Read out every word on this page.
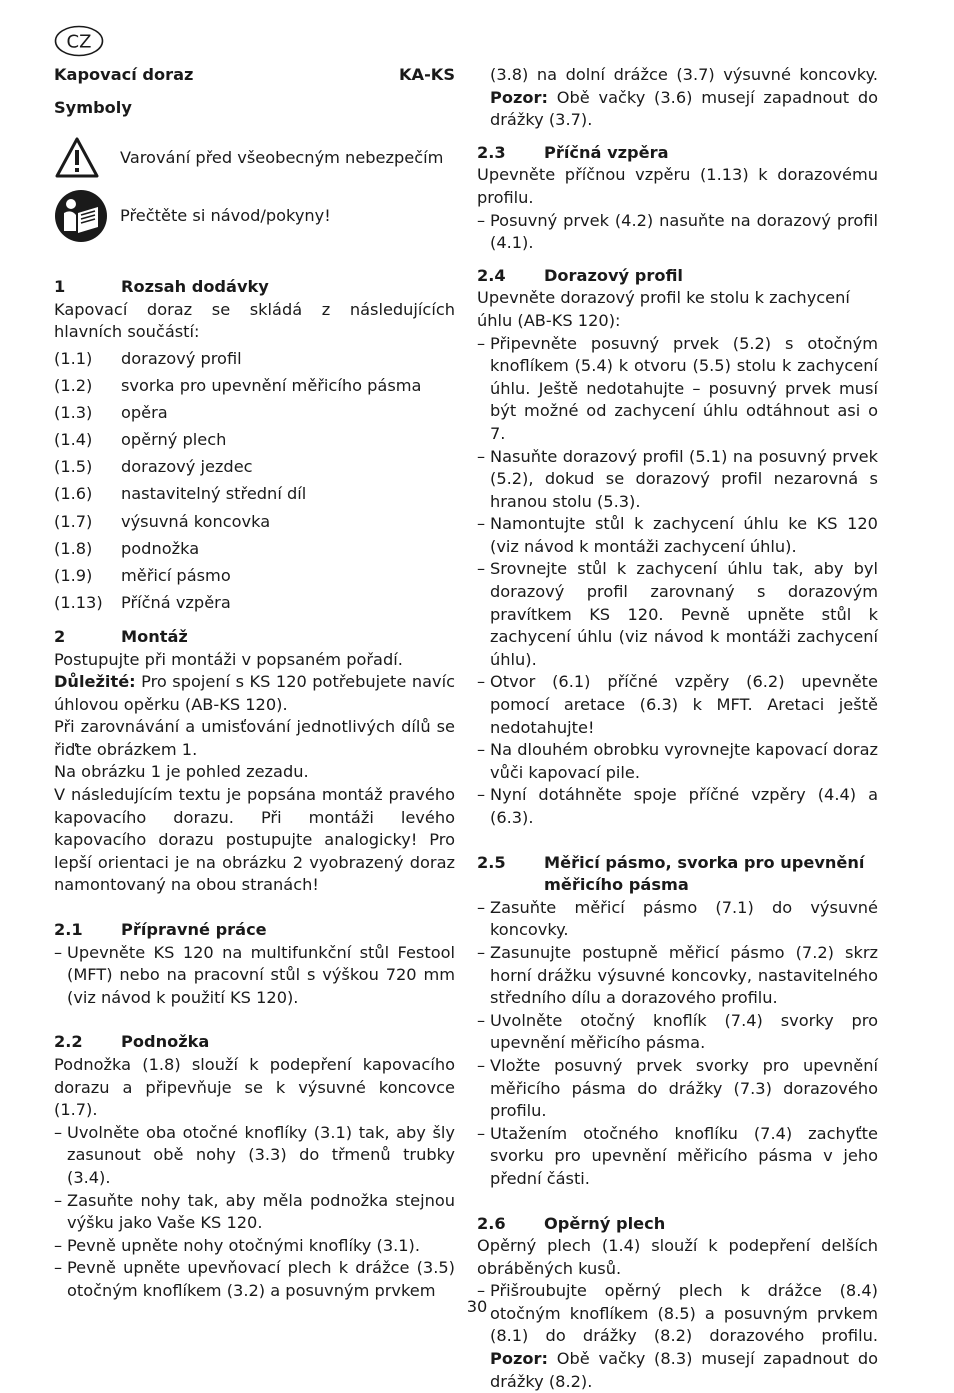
CZ
Kapovací doraz	KA-KS

Symboly

Varování před všeobecným nebezpečím
Přečtěte si návod/pokyny!
1	Rozsah dodávky

Kapovací doraz se skládá z následujících hlavních součástí:

(1.1)	dorazový profil
(1.2)	svorka pro upevnění měřicího pásma
(1.3)	opěra
(1.4)	opěrný plech
(1.5)	dorazový jezdec
(1.6)	nastavitelný střední díl
(1.7)	výsuvná koncovka
(1.8)	podnožka
(1.9)	měřicí pásmo
(1.13)	Příčná vzpěra
2	Montáž

Postupujte při montáži v popsaném pořadí.

Důležité: Pro spojení s KS 120 potřebujete navíc úhlovou opěrku (AB-KS 120).

Při zarovnávání a umisťování jednotlivých dílů se řiďte obrázkem 1.

Na obrázku 1 je pohled zezadu.

V následujícím textu je popsána montáž pravého kapovacího dorazu. Při montáži levého kapovacího dorazu postupujte analogicky! Pro lepší orientaci je na obrázku 2 vyobrazený doraz namontovaný na obou stranách!

2.1	Přípravné práce
– Upevněte KS 120 na multifunkční stůl Festool (MFT) nebo na pracovní stůl s výškou 720 mm (viz návod k použití KS 120).
2.2	Podnožka

Podnožka (1.8) slouží k podepření kapovacího dorazu a připevňuje se k výsuvné koncovce (1.7).

– Uvolněte oba otočné knoflíky (3.1) tak, aby šly zasunout obě nohy (3.3) do třmenů trubky (3.4).
– Zasuňte nohy tak, aby měla podnožka stejnou výšku jako Vaše KS 120.
– Pevně upněte nohy otočnými knoflíky (3.1).
– Pevně upněte upevňovací plech k drážce (3.5) otočným knoflíkem (3.2) a posuvným prvkem
(3.8) na dolní drážce (3.7) výsuvné koncovky. Pozor: Obě vačky (3.6) musejí zapadnout do drážky (3.7).
2.3	Příčná vzpěra

Upevněte příčnou vzpěru (1.13) k dorazovému profilu.

– Posuvný prvek (4.2) nasuňte na dorazový profil (4.1).
2.4	Dorazový profil

Upevněte dorazový profil ke stolu k zachycení úhlu (AB-KS 120):

– Připevněte posuvný prvek (5.2) s otočným knoflíkem (5.4) k otvoru (5.5) stolu k zachycení úhlu. Ještě nedotahujte – posuvný prvek musí být možné od zachycení úhlu odtáhnout asi o 7.
– Nasuňte dorazový profil (5.1) na posuvný prvek (5.2), dokud se dorazový profil nezarovná s hranou stolu (5.3).
– Namontujte stůl k zachycení úhlu ke KS 120 (viz návod k montáži zachycení úhlu).
– Srovnejte stůl k zachycení úhlu tak, aby byl dorazový profil zarovnaný s dorazovým pravítkem KS 120. Pevně upněte stůl k zachycení úhlu (viz návod k montáži zachycení úhlu).
– Otvor (6.1) příčné vzpěry (6.2) upevněte pomocí aretace (6.3) k MFT. Aretaci ještě nedotahujte!
– Na dlouhém obrobku vyrovnejte kapovací doraz vůči kapovací pile.
– Nyní dotáhněte spoje příčné vzpěry (4.4) a (6.3).
2.5	Měřicí pásmo, svorka pro upevnění měřicího pásma
– Zasuňte měřicí pásmo (7.1) do výsuvné koncovky.
– Zasunujte postupně měřicí pásmo (7.2) skrz horní drážku výsuvné koncovky, nastavitelného středního dílu a dorazového profilu.
– Uvolněte otočný knoflík (7.4) svorky pro upevnění měřicího pásma.
– Vložte posuvný prvek svorky pro upevnění měřicího pásma do drážky (7.3) dorazového profilu.
– Utažením otočného knoflíku (7.4) zachyťte svorku pro upevnění měřicího pásma v jeho přední části.
2.6	Opěrný plech

Opěrný plech (1.4) slouží k podepření delších obráběných kusů.

– Přišroubujte opěrný plech k drážce (8.4) otočným knoflíkem (8.5) a posuvným prvkem (8.1) do drážky (8.2) dorazového profilu. Pozor: Obě vačky (8.3) musejí zapadnout do drážky (8.2).
30
